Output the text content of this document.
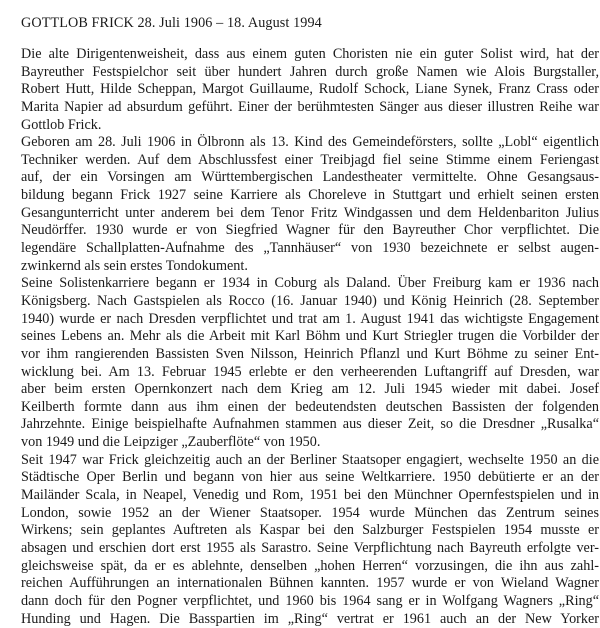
GOTTLOB FRICK 28. Juli 1906 – 18. August 1994
Die alte Dirigentenweisheit, dass aus einem guten Choristen nie ein guter Solist wird, hat der
Bayreuther Festspielchor seit über hundert Jahren durch große Namen wie Alois Burgstaller,
Robert Hutt, Hilde Scheppan, Margot Guillaume, Rudolf Schock, Liane Synek, Franz Crass oder
Marita Napier ad absurdum geführt. Einer der berühmtesten Sänger aus dieser illustren Reihe war
Gottlob Frick.
Geboren am 28. Juli 1906 in Ölbronn als 13. Kind des Gemeindeförsters, sollte „Lobl“ eigentlich
Techniker werden. Auf dem Abschlussfest einer Treibjagd fiel seine Stimme einem Feriengast
auf, der ein Vorsingen am Württembergischen Landestheater vermittelte. Ohne Gesangsaus-
bildung begann Frick 1927 seine Karriere als Choreleve in Stuttgart und erhielt seinen ersten
Gesangunterricht unter anderem bei dem Tenor Fritz Windgassen und dem Heldenbariton Julius
Neudörffer. 1930 wurde er von Siegfried Wagner für den Bayreuther Chor verpflichtet. Die
legendäre Schallplatten-Aufnahme des „Tannhäuser“ von 1930 bezeichnete er selbst augen-
zwinkernd als sein erstes Tondokument.
Seine Solistenkarriere begann er 1934 in Coburg als Daland. Über Freiburg kam er 1936 nach
Königsberg. Nach Gastspielen als Rocco (16. Januar 1940) und König Heinrich (28. September
1940) wurde er nach Dresden verpflichtet und trat am 1. August 1941 das wichtigste Engagement
seines Lebens an. Mehr als die Arbeit mit Karl Böhm und Kurt Striegler trugen die Vorbilder der
vor ihm rangierenden Bassisten Sven Nilsson, Heinrich Pflanzl und Kurt Böhme zu seiner Ent-
wicklung bei. Am 13. Februar 1945 erlebte er den verheerenden Luftangriff auf Dresden, war
aber beim ersten Opernkonzert nach dem Krieg am 12. Juli 1945 wieder mit dabei. Josef
Keilberth formte dann aus ihm einen der bedeutendsten deutschen Bassisten der folgenden
Jahrzehnte. Einige beispielhafte Aufnahmen stammen aus dieser Zeit, so die Dresdner „Rusalka“
von 1949 und die Leipziger „Zauberflöte“ von 1950.
Seit 1947 war Frick gleichzeitig auch an der Berliner Staatsoper engagiert, wechselte 1950 an die
Städtische Oper Berlin und begann von hier aus seine Weltkarriere. 1950 debütierte er an der
Mailänder Scala, in Neapel, Venedig und Rom, 1951 bei den Münchner Opernfestspielen und in
London, sowie 1952 an der Wiener Staatsoper. 1954 wurde München das Zentrum seines
Wirkens; sein geplantes Auftreten als Kaspar bei den Salzburger Festspielen 1954 musste er
absagen und erschien dort erst 1955 als Sarastro. Seine Verpflichtung nach Bayreuth erfolgte ver-
gleichsweise spät, da er es ablehnte, denselben „hohen Herren“ vorzusingen, die ihn aus zahl-
reichen Aufführungen an internationalen Bühnen kannten. 1957 wurde er von Wieland Wagner
dann doch für den Pogner verpflichtet, und 1960 bis 1964 sang er in Wolfgang Wagners „Ring“
Hunding und Hagen. Die Basspartien im „Ring“ vertrat er 1961 auch an der New Yorker
